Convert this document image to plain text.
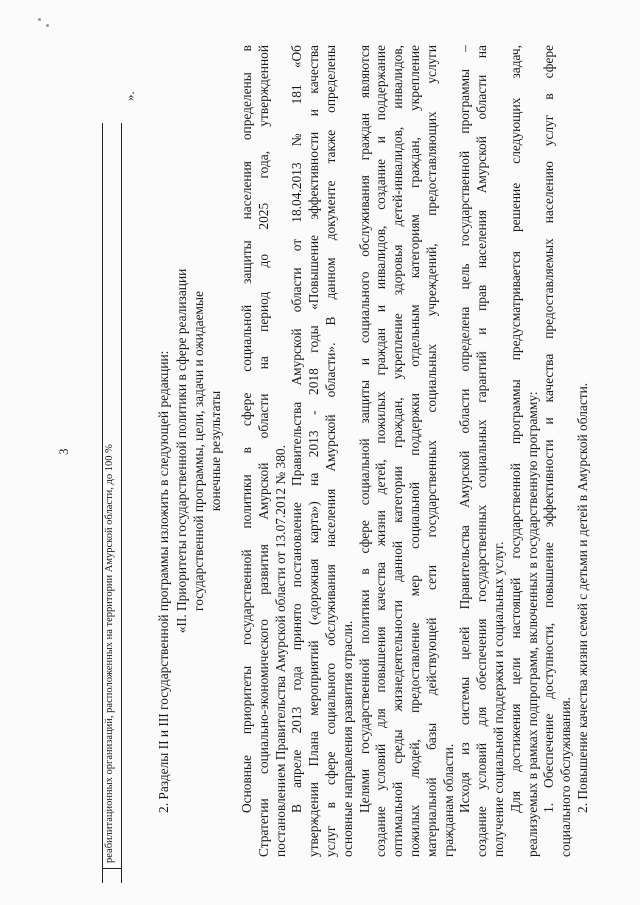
3	реабилитационных организаций, расположенных на территории Амурской области, до 100 %
».
2. Разделы II и III государственной программы изложить в следующей редакции: «II. Приоритеты государственной политики в сфере реализации государственной программы, цели, задачи и ожидаемые конечные результаты Основные приоритеты государственной политики в сфере социальной защиты населения определены в Стратегии социально-экономического развития Амурской области на период до 2025 года, утвержденной постановлением Правительства Амурской области от 13.07.2012 № 380. В апреле 2013 года принято постановление Правительства Амурской области от 18.04.2013 № 181 «Об утверждении Плана мероприятий («дорожная карта») на 2013 - 2018 годы «Повышение эффективности и качества услуг в сфере социального обслуживания населения Амурской области». В данном документе также определены основные направления развития отрасли. Целями государственной политики в сфере социальной защиты и социального обслуживания граждан являются создание условий для повышения качества жизни детей, пожилых граждан и инвалидов, создание и поддержание оптимальной среды жизнедеятельности данной категории граждан, укрепление здоровья детей-инвалидов, инвалидов, пожилых людей, предоставление мер социальной поддержки отдельным категориям граждан, укрепление материальной базы действующей сети государственных социальных учреждений, предоставляющих услуги гражданам области. Исходя из системы целей Правительства Амурской области определена цель государственной программы – создание условий для обеспечения государственных социальных гарантий и прав населения Амурской области на получение социальной поддержки и социальных услуг. Для достижения цели настоящей государственной программы предусматривается решение следующих задач, реализуемых в рамках подпрограмм, включенных в государственную программу: 1. Обеспечение доступности, повышение эффективности и качества предоставляемых населению услуг в сфере социального обслуживания. 2. Повышение качества жизни семей с детьми и детей в Амурской области.
